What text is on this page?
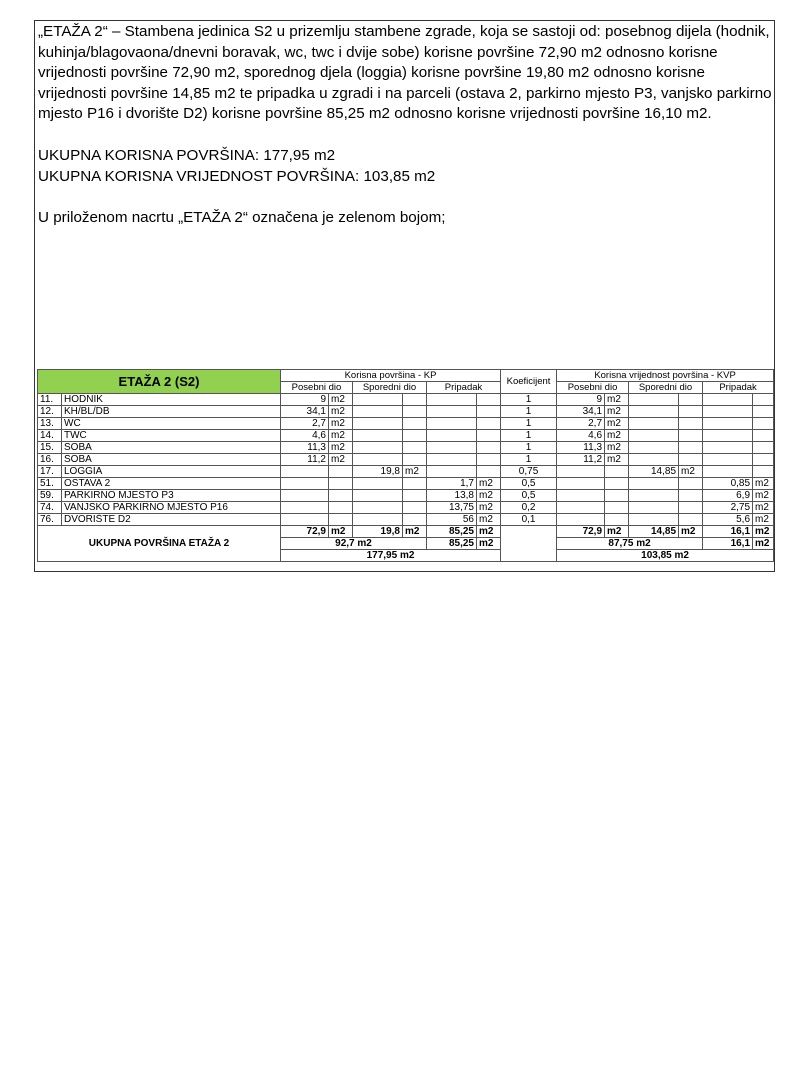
„ETAŽA 2“ – Stambena jedinica S2 u prizemlju stambene zgrade, koja se sastoji od: posebnog dijela (hodnik, kuhinja/blagovaona/dnevni boravak, wc, twc i dvije sobe) korisne površine 72,90 m2 odnosno korisne vrijednosti površine 72,90 m2, sporednog djela (loggia) korisne površine 19,80 m2 odnosno korisne vrijednosti površine 14,85 m2 te pripadka u zgradi i na parceli (ostava 2, parkirno mjesto P3, vanjsko parkirno mjesto P16 i dvorište D2) korisne površine 85,25 m2 odnosno korisne vrijednosti površine 16,10 m2.

UKUPNA KORISNA POVRŠINA: 177,95 m2

UKUPNA KORISNA VRIJEDNOST POVRŠINA: 103,85 m2

U priloženom nacrtu „ETAŽA 2“ označena je zelenom bojom;

ETAŽA 2 (S2)		Korisna površina - KP						Koeficijent	Korisna vrijednost površina - KVP					
		Posebni dio		Sporedni dio		Pripadak			Posebni dio		Sporedni dio		Pripadak	
11.	HODNIK	9	m2					1	9	m2				
12.	KH/BL/DB	34,1	m2					1	34,1	m2				
13.	WC	2,7	m2					1	2,7	m2				
14.	TWC	4,6	m2					1	4,6	m2				
15.	SOBA	11,3	m2					1	11,3	m2				
16.	SOBA	11,2	m2					1	11,2	m2				
17.	LOGGIA			19,8	m2			0,75			14,85	m2		
51.	OSTAVA 2					1,7	m2	0,5					0,85	m2
59.	PARKIRNO MJESTO P3					13,8	m2	0,5					6,9	m2
74.	VANJSKO PARKIRNO MJESTO P16					13,75	m2	0,2					2,75	m2
76.	DVORIŠTE D2					56	m2	0,1					5,6	m2
UKUPNA POVRŠINA ETAŽA 2		72,9	m2	19,8	m2	85,25	m2		72,9	m2	14,85	m2	16,1	m2
		92,7 m2				85,25	m2		87,75 m2				16,1	m2
		177,95 m2							103,85 m2					
